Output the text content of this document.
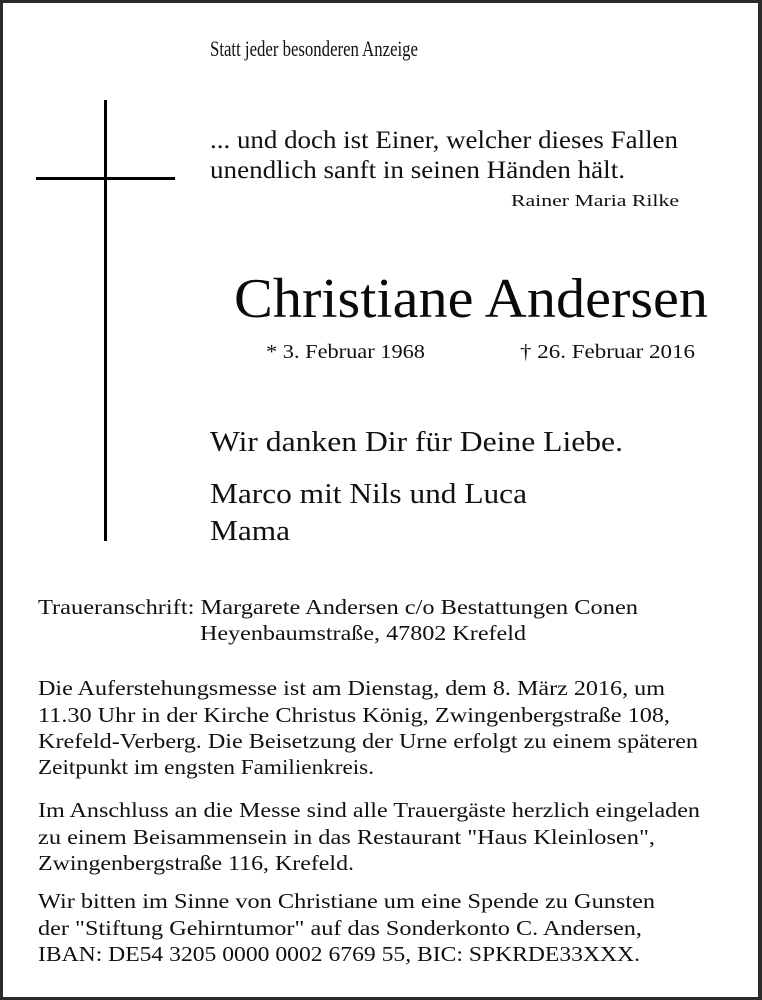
Statt jeder besonderen Anzeige
... und doch ist Einer, welcher dieses Fallen
unendlich sanft in seinen Händen hält.
Rainer Maria Rilke
Christiane Andersen
* 3. Februar 1968	† 26. Februar 2016
Wir danken Dir für Deine Liebe.
Marco mit Nils und Luca
Mama
Traueranschrift: Margarete Andersen c/o Bestattungen Conen
Heyenbaumstraße, 47802 Krefeld
Die Auferstehungsmesse ist am Dienstag, dem 8. März 2016, um
11.30 Uhr in der Kirche Christus König, Zwingenbergstraße 108,
Krefeld-Verberg. Die Beisetzung der Urne erfolgt zu einem späteren
Zeitpunkt im engsten Familienkreis.
Im Anschluss an die Messe sind alle Trauergäste herzlich eingeladen
zu einem Beisammensein in das Restaurant "Haus Kleinlosen",
Zwingenbergstraße 116, Krefeld.
Wir bitten im Sinne von Christiane um eine Spende zu Gunsten
der "Stiftung Gehirntumor" auf das Sonderkonto C. Andersen,
IBAN: DE54 3205 0000 0002 6769 55, BIC: SPKRDE33XXX.
